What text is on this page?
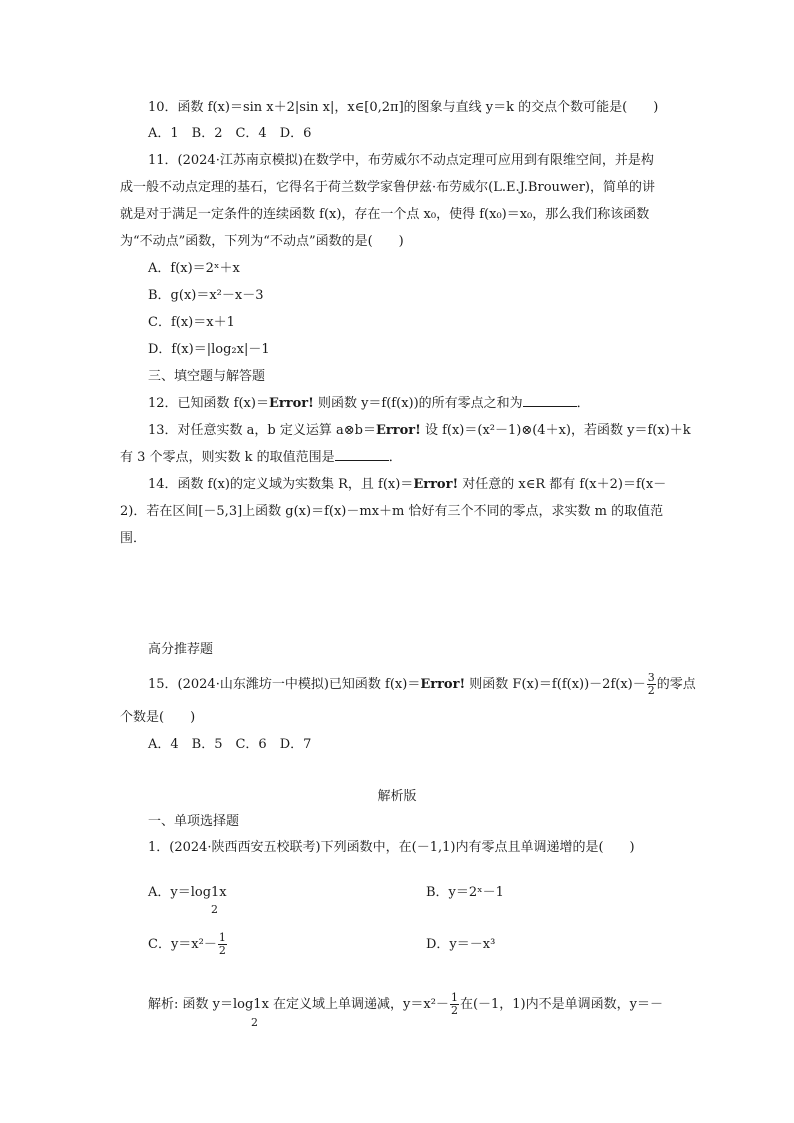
10．函数 f(x)＝sin x＋2|sin x|，x∈[0,2π]的图象与直线 y＝k 的交点个数可能是(　　)
A．1　B．2　C．4　D．6
11．(2024·江苏南京模拟)在数学中，布劳威尔不动点定理可应用到有限维空间，并是构
成一般不动点定理的基石，它得名于荷兰数学家鲁伊兹·布劳威尔(L.E.J.Brouwer)，简单的讲
就是对于满足一定条件的连续函数 f(x)，存在一个点 x₀，使得 f(x₀)＝x₀，那么我们称该函数
为“不动点”函数，下列为“不动点”函数的是(　　)
A．f(x)＝2ˣ＋x
B．g(x)＝x²－x－3
C．f(x)＝x＋1
D．f(x)＝|log₂x|－1
三、填空题与解答题
12．已知函数 f(x)＝Error! 则函数 y＝f(f(x))的所有零点之和为	．
13．对任意实数 a，b 定义运算 a⊗b＝Error! 设 f(x)＝(x²－1)⊗(4＋x)，若函数 y＝f(x)＋k
有 3 个零点，则实数 k 的取值范围是	．
14．函数 f(x)的定义域为实数集 R，且 f(x)＝Error! 对任意的 x∈R 都有 f(x＋2)＝f(x－
2)．若在区间[－5,3]上函数 g(x)＝f(x)－mx＋m 恰好有三个不同的零点，求实数 m 的取值范
围．
高分推荐题
15．(2024·山东潍坊一中模拟)已知函数 f(x)＝Error! 则函数 $F(x)=f(f(x))-2f(x)- \frac{3}{2}$ 的零点
个数是(　　)
A．4　B．5　C．6　D．7
解析版
一、单项选择题
1．(2024·陕西西安五校联考)下列函数中，在(－1,1)内有零点且单调递增的是(　　)
A．y＝log1x
2
B．y＝2ˣ－1
C．$y=x^2- \frac{1}{2}$	D．y＝－x³
解析: 函数 y＝log1x 在定义域上单调递减，$y=x^2- \frac{1}{2}$ 在(－1，1)内不是单调函数，y＝－
2
